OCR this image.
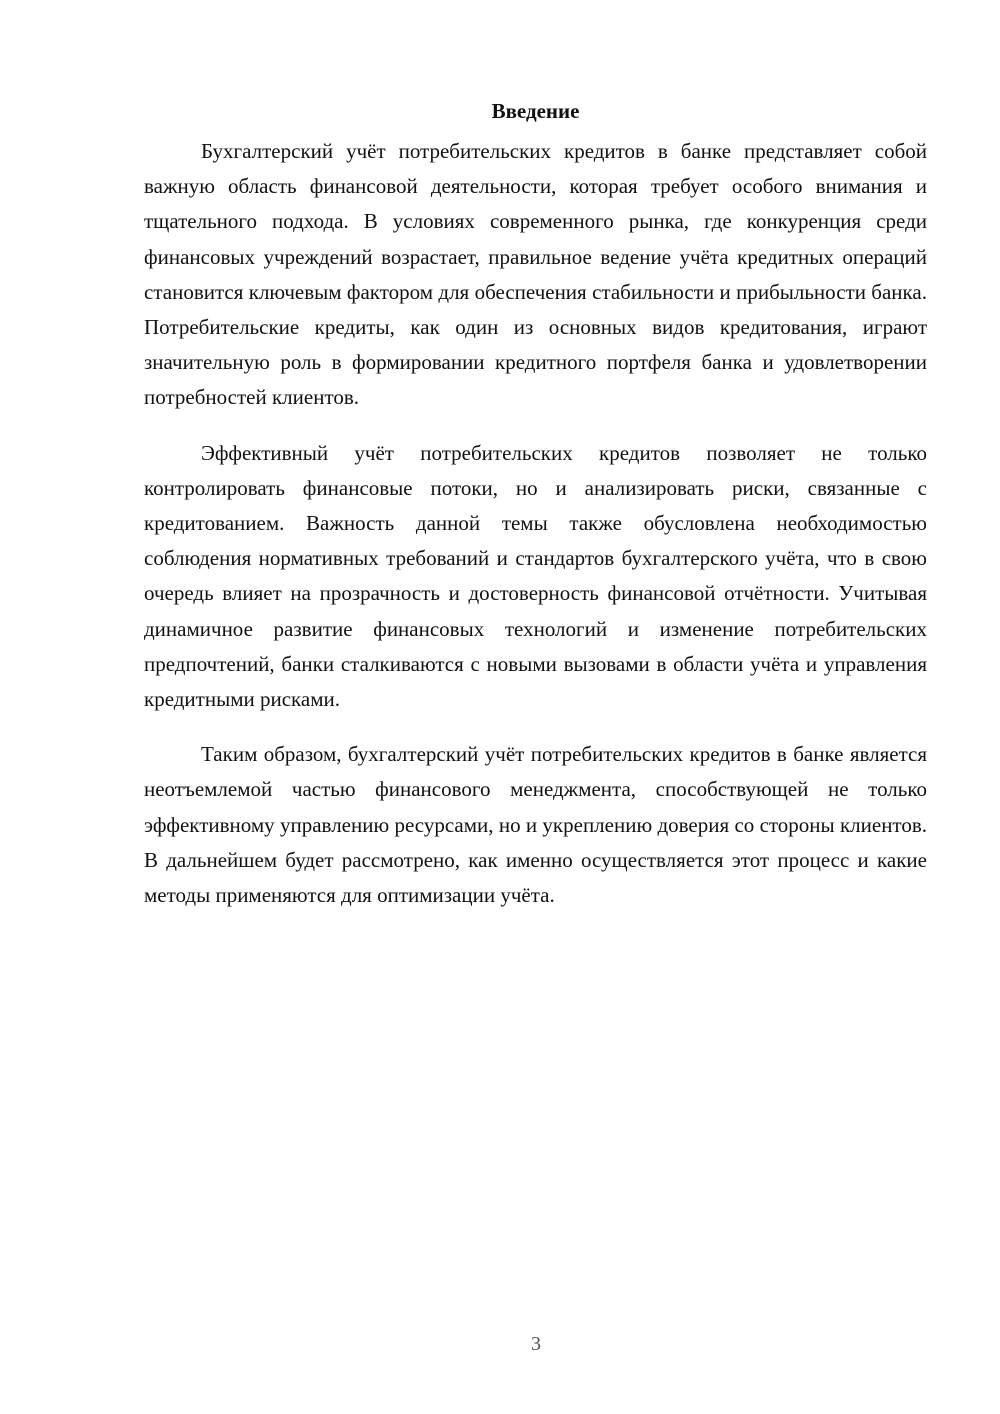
Введение

Бухгалтерский учёт потребительских кредитов в банке представляет собой важную область финансовой деятельности, которая требует особого внимания и тщательного подхода. В условиях современного рынка, где конкуренция среди финансовых учреждений возрастает, правильное ведение учёта кредитных операций становится ключевым фактором для обеспечения стабильности и прибыльности банка. Потребительские кредиты, как один из основных видов кредитования, играют значительную роль в формировании кредитного портфеля банка и удовлетворении потребностей клиентов.

Эффективный учёт потребительских кредитов позволяет не только контролировать финансовые потоки, но и анализировать риски, связанные с кредитованием. Важность данной темы также обусловлена необходимостью соблюдения нормативных требований и стандартов бухгалтерского учёта, что в свою очередь влияет на прозрачность и достоверность финансовой отчётности. Учитывая динамичное развитие финансовых технологий и изменение потребительских предпочтений, банки сталкиваются с новыми вызовами в области учёта и управления кредитными рисками.

Таким образом, бухгалтерский учёт потребительских кредитов в банке является неотъемлемой частью финансового менеджмента, способствующей не только эффективному управлению ресурсами, но и укреплению доверия со стороны клиентов. В дальнейшем будет рассмотрено, как именно осуществляется этот процесс и какие методы применяются для оптимизации учёта.

3
